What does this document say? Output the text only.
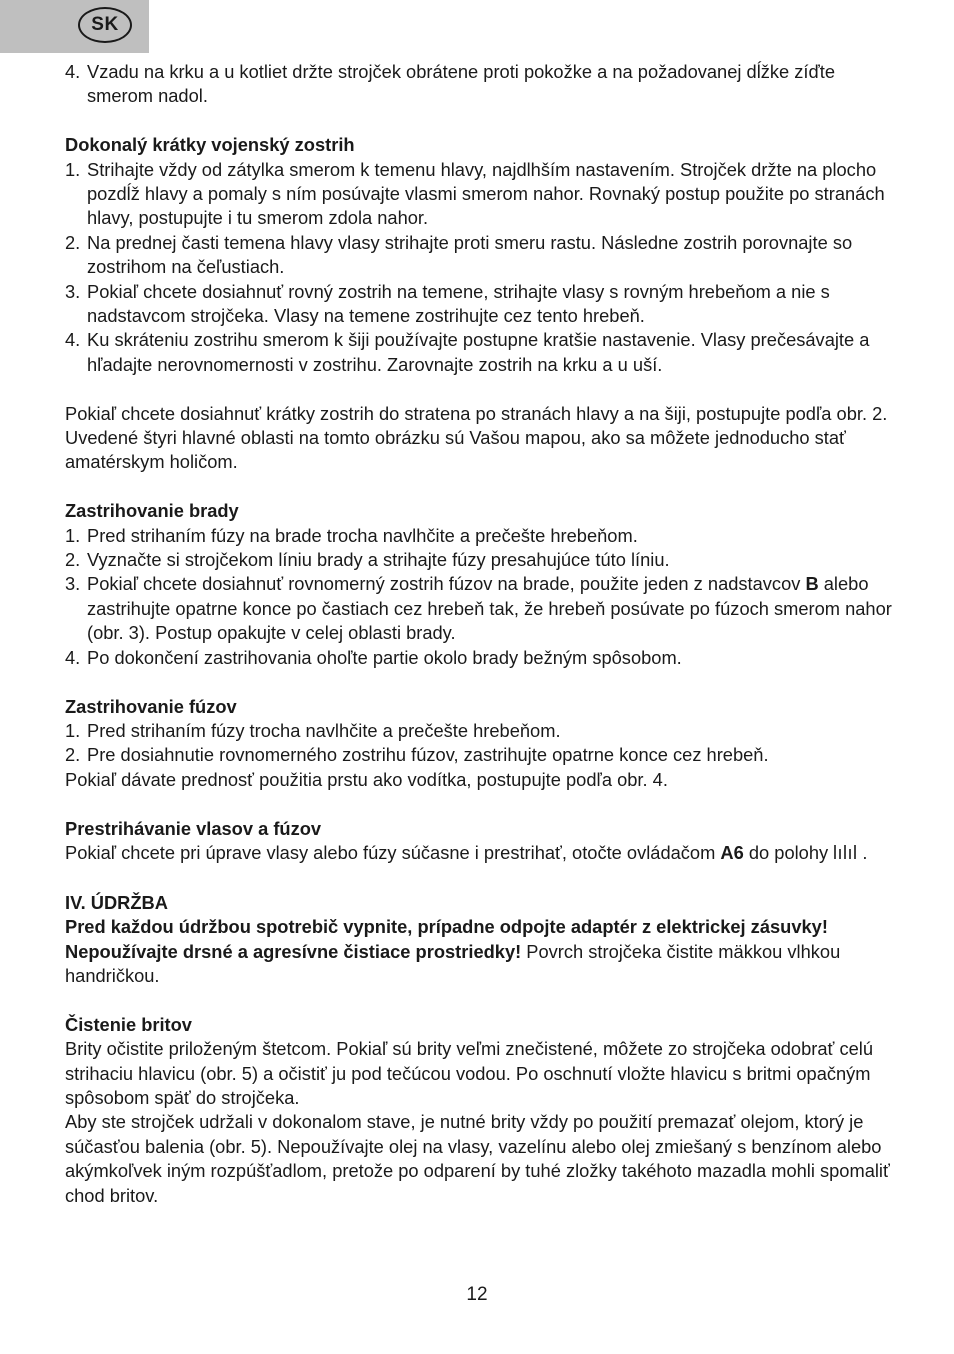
SK
4. Vzadu na krku a u kotliet držte strojček obrátene proti pokožke a na požadovanej dĺžke zíďte smerom nadol.

Dokonalý krátky vojenský zostrih

1. Strihajte vždy od zátylka smerom k temenu hlavy, najdlhším nastavením. Strojček držte na plocho pozdĺž hlavy a pomaly s ním posúvajte vlasmi smerom nahor. Rovnaký postup použite po stranách hlavy, postupujte i tu smerom zdola nahor.
2. Na prednej časti temena hlavy vlasy strihajte proti smeru rastu. Následne zostrih porovnajte so zostrihom na čeľustiach.
3. Pokiaľ chcete dosiahnuť rovný zostrih na temene, strihajte vlasy s rovným hrebeňom a nie s nadstavcom strojčeka. Vlasy na temene zostrihujte cez tento hrebeň.
4. Ku skráteniu zostrihu smerom k šiji používajte postupne kratšie nastavenie. Vlasy prečesávajte a hľadajte nerovnomernosti v zostrihu. Zarovnajte zostrih na krku a u uší.

Pokiaľ chcete dosiahnuť krátky zostrih do stratena po stranách hlavy a na šiji, postupujte podľa obr. 2. Uvedené štyri hlavné oblasti na tomto obrázku sú Vašou mapou, ako sa môžete jednoducho stať amatérskym holičom.

Zastrihovanie brady

1. Pred strihaním fúzy na brade trocha navlhčite a prečešte hrebeňom.
2. Vyznačte si strojčekom líniu brady a strihajte fúzy presahujúce túto líniu.
3. Pokiaľ chcete dosiahnuť rovnomerný zostrih fúzov na brade, použite jeden z nadstavcov B alebo zastrihujte opatrne konce po častiach cez hrebeň tak, že hrebeň posúvate po fúzoch smerom nahor (obr. 3). Postup opakujte v celej oblasti brady.
4. Po dokončení zastrihovania ohoľte partie okolo brady bežným spôsobom.

Zastrihovanie fúzov

1. Pred strihaním fúzy trocha navlhčite a prečešte hrebeňom.
2. Pre dosiahnutie rovnomerného zostrihu fúzov, zastrihujte opatrne konce cez hrebeň.

Pokiaľ dávate prednosť použitia prstu ako vodítka, postupujte podľa obr. 4.

Prestrihávanie vlasov a fúzov

Pokiaľ chcete pri úprave vlasy alebo fúzy súčasne i prestrihať, otočte ovládačom A6 do polohy  .

IV. ÚDRŽBA

Pred každou údržbou spotrebič vypnite, prípadne odpojte adaptér z elektrickej zásuvky! Nepoužívajte drsné a agresívne čistiace prostriedky! Povrch strojčeka čistite mäkkou vlhkou handričkou.

Čistenie britov

Brity očistite priloženým štetcom. Pokiaľ sú brity veľmi znečistené, môžete zo strojčeka odobrať celú strihaciu hlavicu (obr. 5) a očistiť ju pod tečúcou vodou. Po oschnutí vložte hlavicu s britmi opačným spôsobom späť do strojčeka.

Aby ste strojček udržali v dokonalom stave, je nutné brity vždy po použití premazať olejom, ktorý je súčasťou balenia (obr. 5). Nepoužívajte olej na vlasy, vazelínu alebo olej zmiešaný s benzínom alebo akýmkoľvek iným rozpúšťadlom, pretože po odparení by tuhé zložky takéhoto mazadla mohli spomaliť chod britov.

12
